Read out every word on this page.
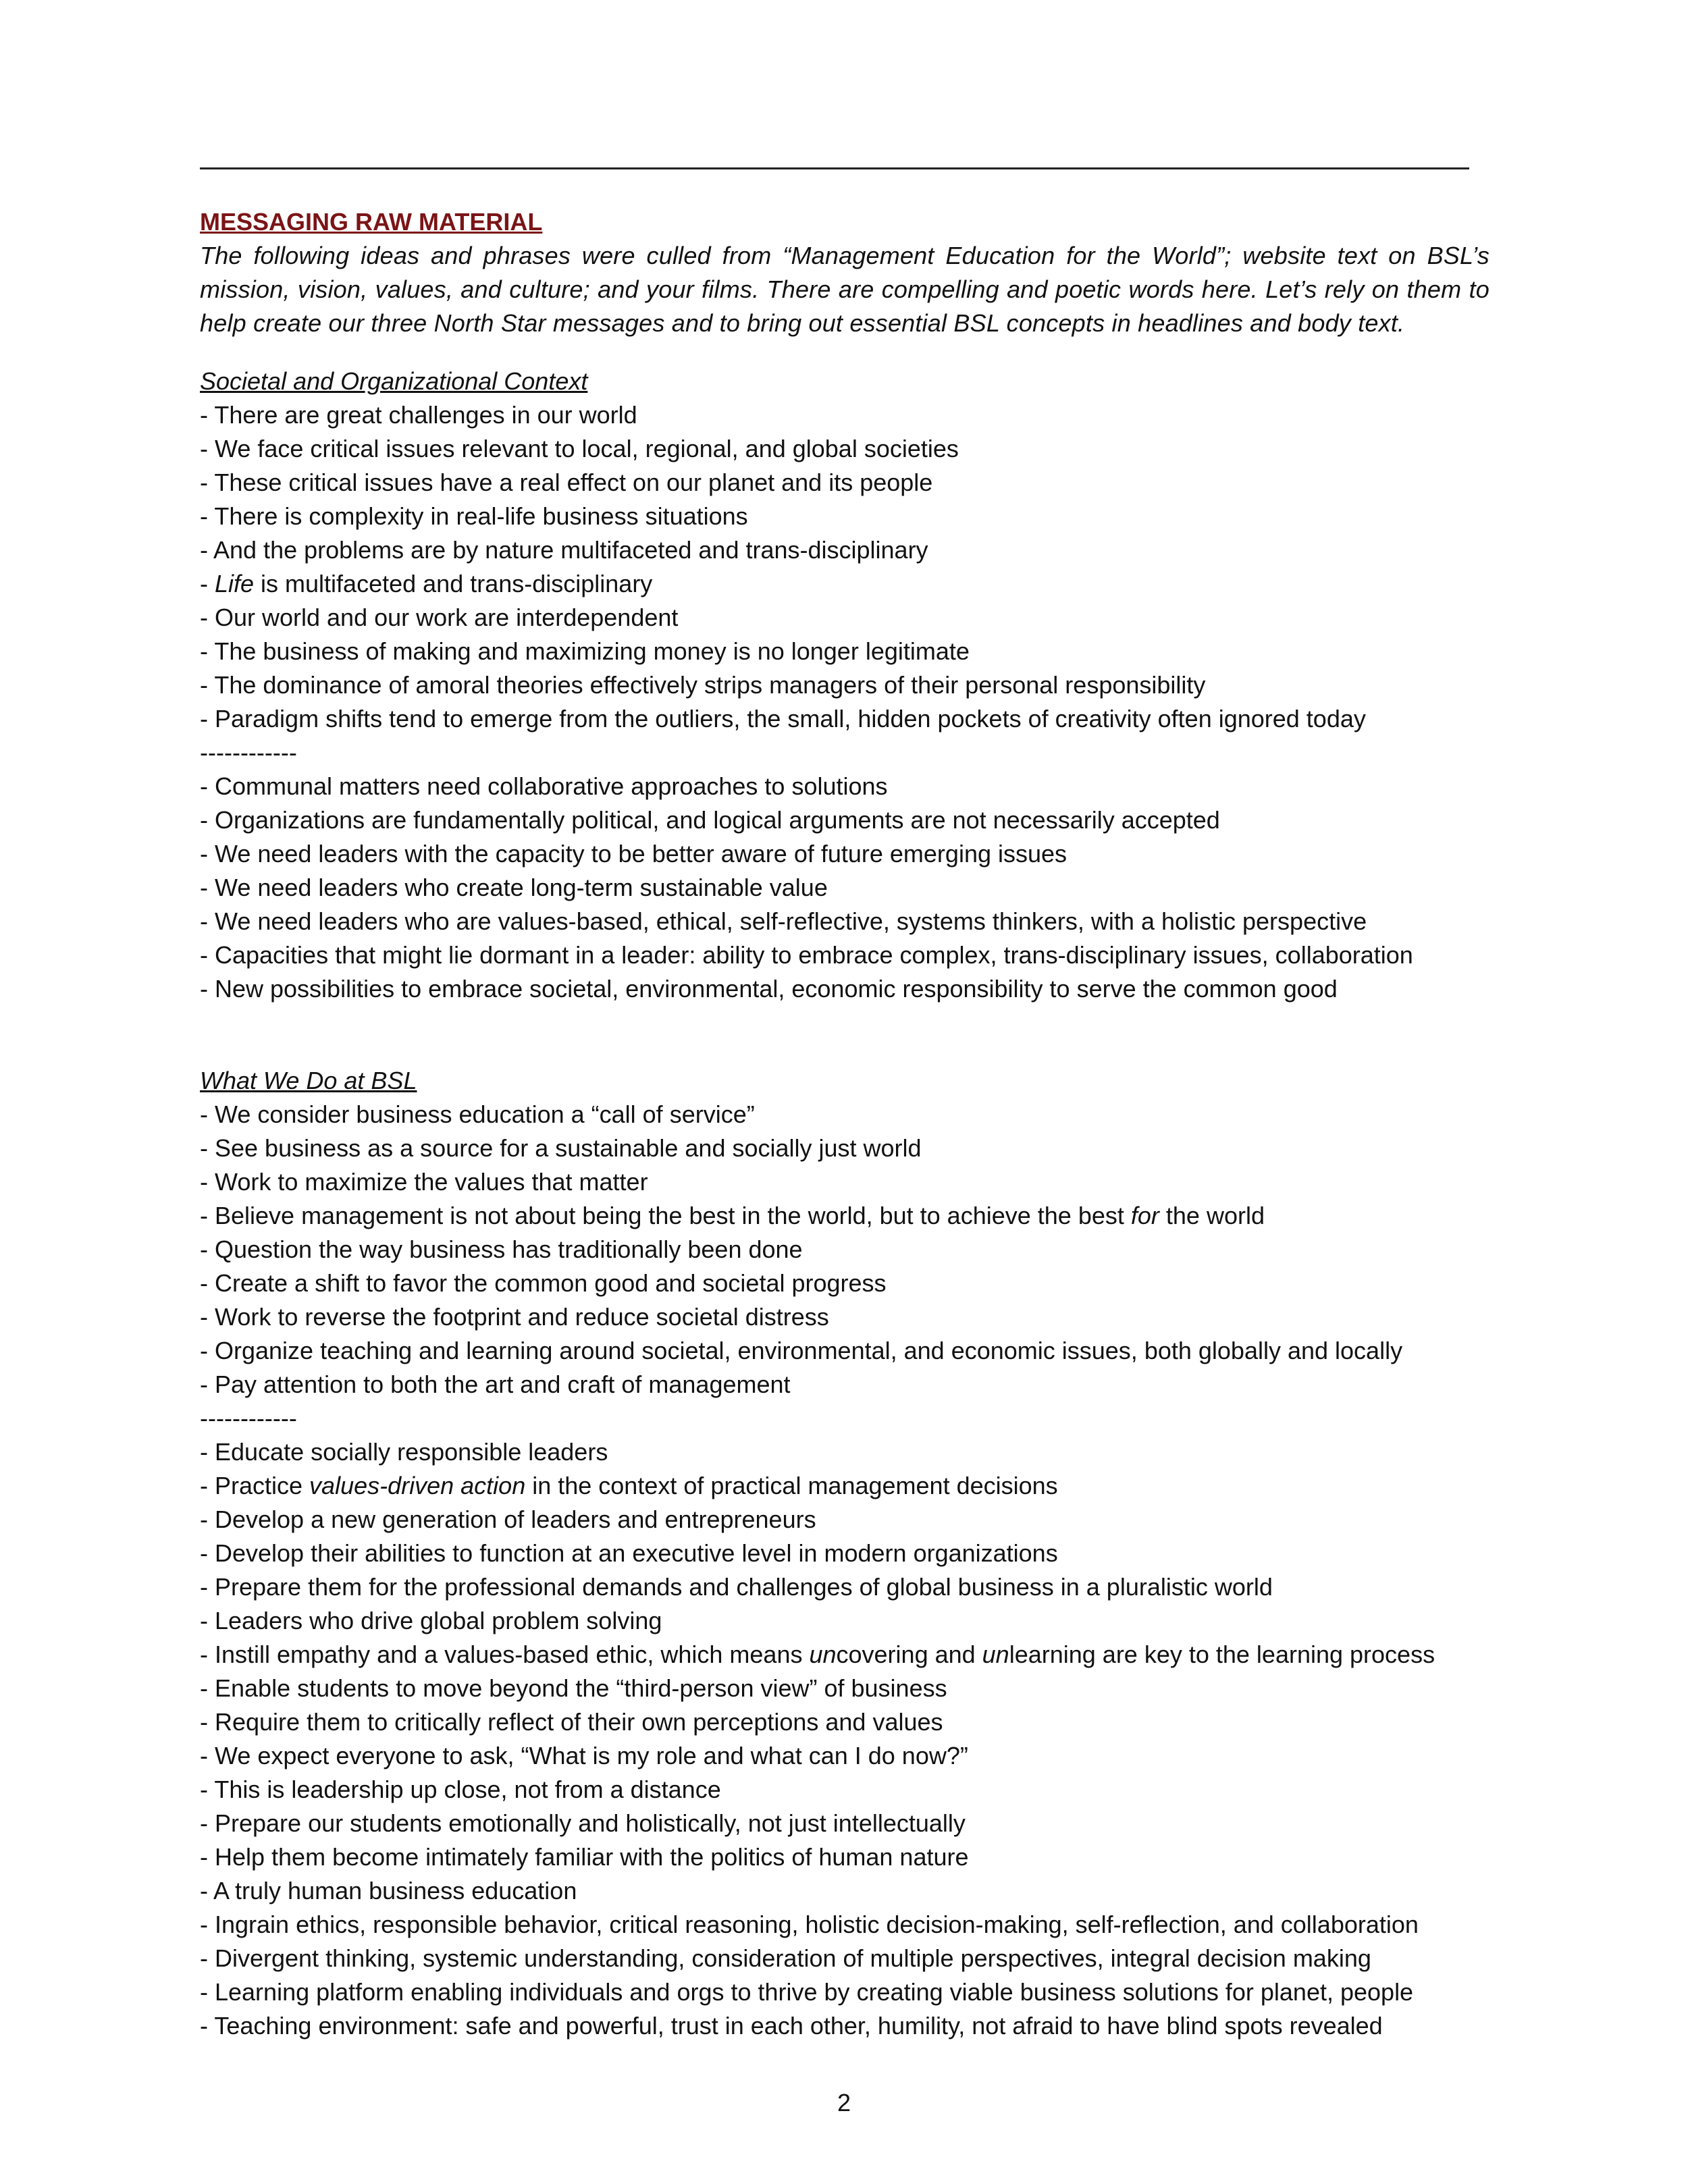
MESSAGING RAW MATERIAL
The following ideas and phrases were culled from “Management Education for the World”; website text on BSL’s mission, vision, values, and culture; and your films. There are compelling and poetic words here. Let’s rely on them to help create our three North Star messages and to bring out essential BSL concepts in headlines and body text.
Societal and Organizational Context
- There are great challenges in our world
- We face critical issues relevant to local, regional, and global societies
- These critical issues have a real effect on our planet and its people
- There is complexity in real-life business situations
- And the problems are by nature multifaceted and trans-disciplinary
- Life is multifaceted and trans-disciplinary
- Our world and our work are interdependent
- The business of making and maximizing money is no longer legitimate
- The dominance of amoral theories effectively strips managers of their personal responsibility
- Paradigm shifts tend to emerge from the outliers, the small, hidden pockets of creativity often ignored today
------------
- Communal matters need collaborative approaches to solutions
- Organizations are fundamentally political, and logical arguments are not necessarily accepted
- We need leaders with the capacity to be better aware of future emerging issues
- We need leaders who create long-term sustainable value
- We need leaders who are values-based, ethical, self-reflective, systems thinkers, with a holistic perspective
- Capacities that might lie dormant in a leader: ability to embrace complex, trans-disciplinary issues, collaboration
- New possibilities to embrace societal, environmental, economic responsibility to serve the common good
What We Do at BSL
- We consider business education a “call of service”
- See business as a source for a sustainable and socially just world
- Work to maximize the values that matter
- Believe management is not about being the best in the world, but to achieve the best for the world
- Question the way business has traditionally been done
- Create a shift to favor the common good and societal progress
- Work to reverse the footprint and reduce societal distress
- Organize teaching and learning around societal, environmental, and economic issues, both globally and locally
- Pay attention to both the art and craft of management
------------
- Educate socially responsible leaders
- Practice values-driven action in the context of practical management decisions
- Develop a new generation of leaders and entrepreneurs
- Develop their abilities to function at an executive level in modern organizations
- Prepare them for the professional demands and challenges of global business in a pluralistic world
- Leaders who drive global problem solving
- Instill empathy and a values-based ethic, which means uncovering and unlearning are key to the learning process
- Enable students to move beyond the “third-person view” of business
- Require them to critically reflect of their own perceptions and values
- We expect everyone to ask, “What is my role and what can I do now?”
- This is leadership up close, not from a distance
- Prepare our students emotionally and holistically, not just intellectually
- Help them become intimately familiar with the politics of human nature
- A truly human business education
- Ingrain ethics, responsible behavior, critical reasoning, holistic decision-making, self-reflection, and collaboration
- Divergent thinking, systemic understanding, consideration of multiple perspectives, integral decision making
- Learning platform enabling individuals and orgs to thrive by creating viable business solutions for planet, people
- Teaching environment: safe and powerful, trust in each other, humility, not afraid to have blind spots revealed
2
